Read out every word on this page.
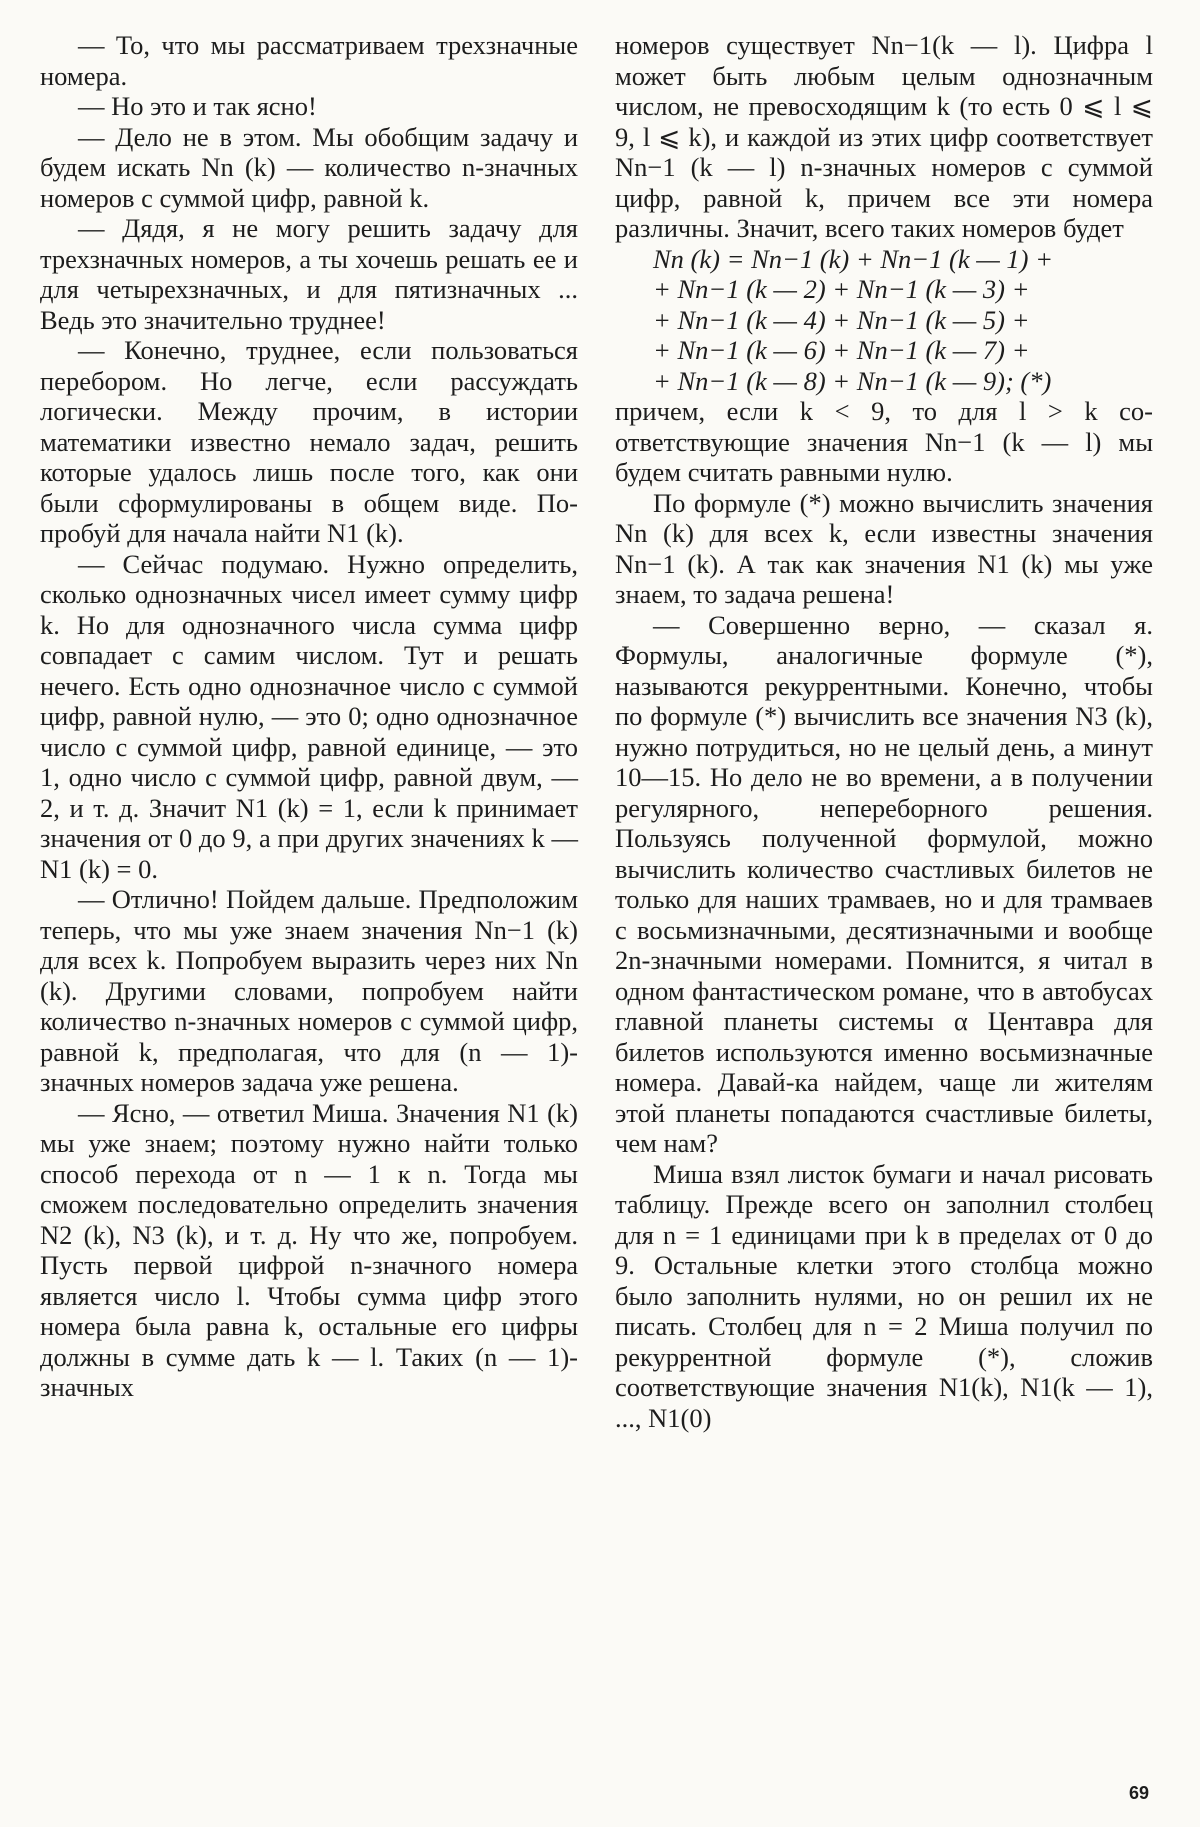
— То, что мы рассматриваем трехзначные номера.

— Но это и так ясно!

— Дело не в этом. Мы обобщим задачу и будем искать Nn (k) — количество n-значных номеров с суммой цифр, равной k.

— Дядя, я не могу решить задачу для трехзначных номеров, а ты хочешь решать ее и для четырехзначных, и для пятизначных ... Ведь это значительно труднее!

— Конечно, труднее, если пользоваться перебором. Но легче, если рассуждать логически. Между прочим, в истории математики известно немало задач, решить которые удалось лишь после того, как они были сформулированы в общем виде. Попробуй для начала найти N1 (k).

— Сейчас подумаю. Нужно определить, сколько однозначных чисел имеет сумму цифр k. Но для однозначного числа сумма цифр совпадает с самим числом. Тут и решать нечего. Есть одно однозначное число с суммой цифр, равной нулю, — это 0; одно однозначное число с суммой цифр, равной единице, — это 1, одно число с суммой цифр, равной двум, — 2, и т. д. Значит N1 (k) = 1, если k принимает значения от 0 до 9, а при других значениях k — N1 (k) = 0.

— Отлично! Пойдем дальше. Предположим теперь, что мы уже знаем значения Nn−1 (k) для всех k. Попробуем выразить через них Nn (k). Другими словами, попробуем найти количество n-значных номеров с суммой цифр, равной k, предполагая, что для (n — 1)-значных номеров задача уже решена.

— Ясно, — ответил Миша. Значения N1 (k) мы уже знаем; поэтому нужно найти только способ перехода от n — 1 к n. Тогда мы сможем последовательно определить значения N2 (k), N3 (k), и т. д. Ну что же, попробуем. Пусть первой цифрой n-значного номера является число l. Чтобы сумма цифр этого номера была равна k, остальные его цифры должны в сумме дать k — l. Таких (n — 1)-значных

номеров существует Nn−1(k — l). Цифра l может быть любым целым однозначным числом, не превосходящим k (то есть 0 ⩽ l ⩽ 9, l ⩽ k), и каждой из этих цифр соответствует Nn−1 (k — l) n-значных номеров с суммой цифр, равной k, причем все эти номера различны. Значит, всего таких номеров будет

Nn (k) = Nn−1 (k) + Nn−1 (k — 1) +

+ Nn−1 (k — 2) + Nn−1 (k — 3) +

+ Nn−1 (k — 4) + Nn−1 (k — 5) +

+ Nn−1 (k — 6) + Nn−1 (k — 7) +

+ Nn−1 (k — 8) + Nn−1 (k — 9); (*)

причем, если k < 9, то для l > k соответствующие значения Nn−1 (k — l) мы будем считать равными нулю.

По формуле (*) можно вычислить значения Nn (k) для всех k, если известны значения Nn−1 (k). А так как значения N1 (k) мы уже знаем, то задача решена!

— Совершенно верно, — сказал я. Формулы, аналогичные формуле (*), называются рекуррентными. Конечно, чтобы по формуле (*) вычислить все значения N3 (k), нужно потрудиться, но не целый день, а минут 10—15. Но дело не во времени, а в получении регулярного, непереборного решения. Пользуясь полученной формулой, можно вычислить количество счастливых билетов не только для наших трамваев, но и для трамваев с восьмизначными, десятизначными и вообще 2n-значными номерами. Помнится, я читал в одном фантастическом романе, что в автобусах главной планеты системы α Центавра для билетов используются именно восьмизначные номера. Давай-ка найдем, чаще ли жителям этой планеты попадаются счастливые билеты, чем нам?

Миша взял листок бумаги и начал рисовать таблицу. Прежде всего он заполнил столбец для n = 1 единицами при k в пределах от 0 до 9. Остальные клетки этого столбца можно было заполнить нулями, но он решил их не писать. Столбец для n = 2 Миша получил по рекуррентной формуле (*), сложив соответствующие значения N1(k), N1(k — 1), ..., N1(0)

69
